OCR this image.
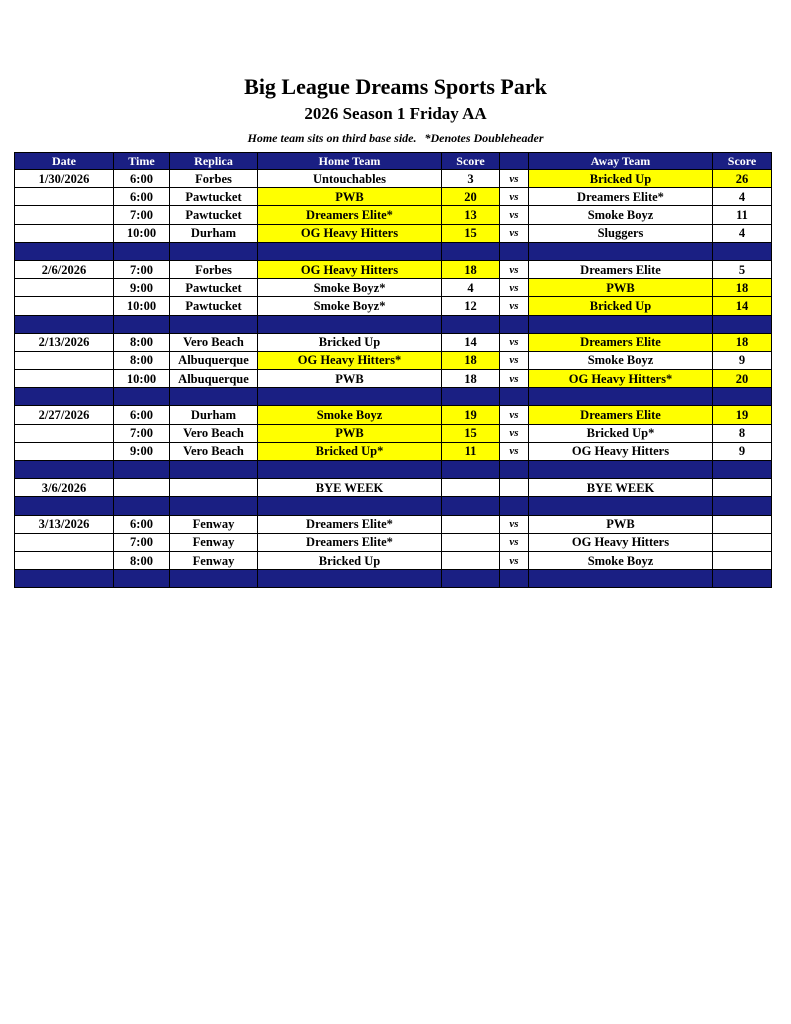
Big League Dreams Sports Park
2026 Season 1 Friday AA
Home team sits on third base side. *Denotes Doubleheader
Date	Time	Replica	Home Team	Score		Away Team	Score
1/30/2026	6:00	Forbes	Untouchables	3	vs	Bricked Up	26
	6:00	Pawtucket	PWB	20	vs	Dreamers Elite*	4
	7:00	Pawtucket	Dreamers Elite*	13	vs	Smoke Boyz	11
	10:00	Durham	OG Heavy Hitters	15	vs	Sluggers	4

2/6/2026	7:00	Forbes	OG Heavy Hitters	18	vs	Dreamers Elite	5
	9:00	Pawtucket	Smoke Boyz*	4	vs	PWB	18
	10:00	Pawtucket	Smoke Boyz*	12	vs	Bricked Up	14

2/13/2026	8:00	Vero Beach	Bricked Up	14	vs	Dreamers Elite	18
	8:00	Albuquerque	OG Heavy Hitters*	18	vs	Smoke Boyz	9
	10:00	Albuquerque	PWB	18	vs	OG Heavy Hitters*	20

2/27/2026	6:00	Durham	Smoke Boyz	19	vs	Dreamers Elite	19
	7:00	Vero Beach	PWB	15	vs	Bricked Up*	8
	9:00	Vero Beach	Bricked Up*	11	vs	OG Heavy Hitters	9

3/6/2026			BYE WEEK			BYE WEEK	

3/13/2026	6:00	Fenway	Dreamers Elite*		vs	PWB	
	7:00	Fenway	Dreamers Elite*		vs	OG Heavy Hitters	
	8:00	Fenway	Bricked Up		vs	Smoke Boyz	
